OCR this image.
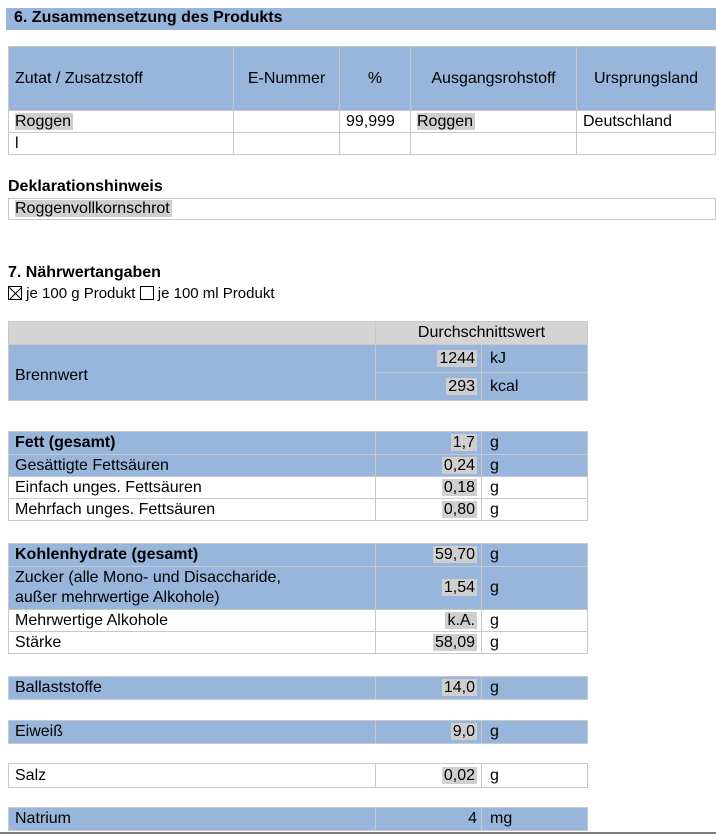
6. Zusammensetzung des Produkts
Zutat / Zusatzstoff	E-Nummer	%	Ausgangsrohstoff	Ursprungsland
Roggen		99,999	Roggen	Deutschland
l				
Deklarationshinweis
Roggenvollkornschrot
7. Nährwertangaben
je 100 g Produkt je 100 ml Produkt
	Durchschnittswert	
Brennwert	1244	kJ
	293	kcal
Fett (gesamt)	1,7	g
Gesättigte Fettsäuren	0,24	g
Einfach unges. Fettsäuren	0,18	g
Mehrfach unges. Fettsäuren	0,80	g
Kohlenhydrate (gesamt)	59,70	g

Zucker (alle Mono- und Disaccharide,
außer mehrwertige Alkohole)	1,54	g
Mehrwertige Alkohole	k.A.	g
Stärke	58,09	g
Ballaststoffe	14,0	g
Eiweiß	9,0	g
Salz	0,02	g
Natrium	4	mg
